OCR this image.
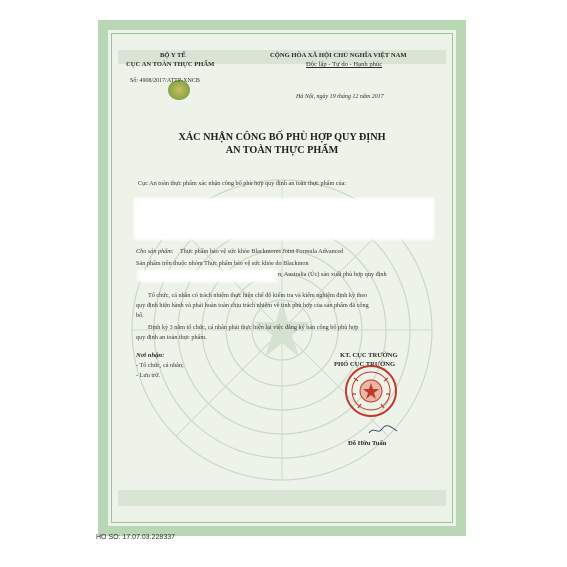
BỘ Y TẾ
CỤC AN TOÀN THỰC PHẨM
Số: 4908/2017/ATTP-XNCB
CỘNG HÒA XÃ HỘI CHỦ NGHĨA VIỆT NAM
Độc lập - Tự do - Hạnh phúc
Hà Nội, ngày 19 tháng 12 năm 2017
XÁC NHẬN CÔNG BỐ PHÙ HỢP QUY ĐỊNH
AN TOÀN THỰC PHẨM
Cục An toàn thực phẩm xác nhận công bố phù hợp quy định an toàn thực phẩm của:
Cho sản phẩm: Thực phẩm bảo vệ sức khỏe Blackmores Joint Formula Advanced
Sản phẩm trên thuộc nhóm Thực phẩm bảo vệ sức khỏe do Blackmon
n, Australia (Úc) sản xuất phù hợp quy định
Tổ chức, cá nhân có trách nhiệm thực hiện chế độ kiểm tra và kiểm nghiệm định kỳ theo
quy định hiện hành và phải hoàn toàn chịu trách nhiệm về tính phù hợp của sản phẩm đã công
bố.
Định kỳ 3 năm tổ chức, cá nhân phải thực hiện lại việc đăng ký bản công bố phù hợp
quy định an toàn thực phẩm.
Nơi nhận:
- Tổ chức, cá nhân;
- Lưu trữ.
KT. CỤC TRƯỞNG
PHÓ CỤC TRƯỞNG
Đỗ Hữu Tuấn
HO SO: 17.07.03.228337
